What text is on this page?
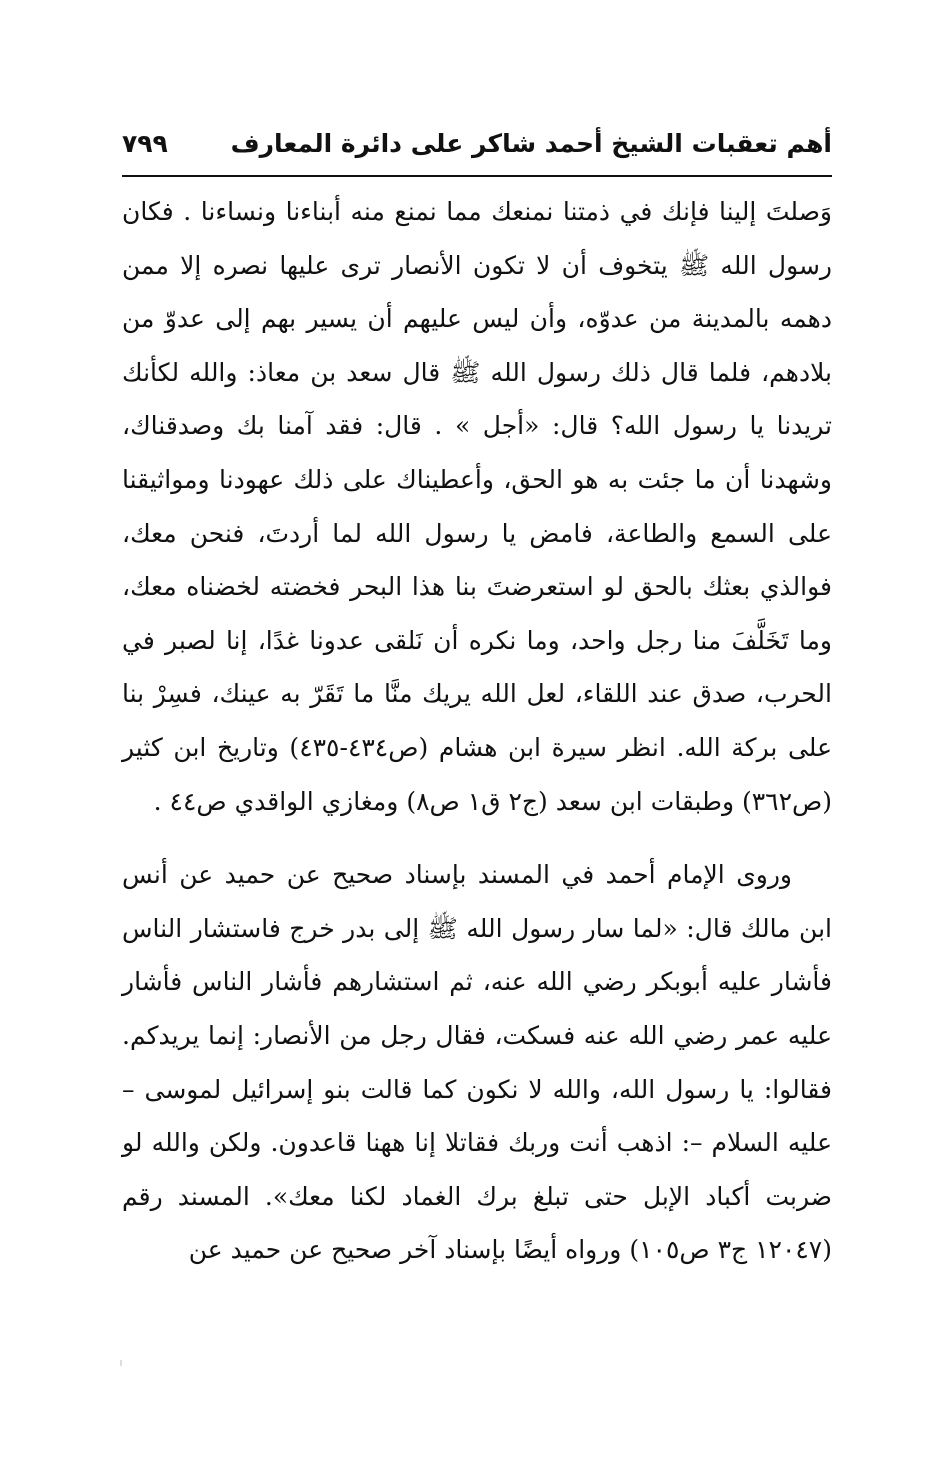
أهم تعقبات الشيخ أحمد شاكر على دائرة المعارف
٧٩٩

وَصلتَ إلينا فإنك في ذمتنا نمنعك مما نمنع منه أبناءنا ونساءنا . فكان رسول الله ﷺ يتخوف أن لا تكون الأنصار ترى عليها نصره إلا ممن دهمه بالمدينة من عدوّه، وأن ليس عليهم أن يسير بهم إلى عدوّ من بلادهم، فلما قال ذلك رسول الله ﷺ قال سعد بن معاذ: والله لكأنك تريدنا يا رسول الله؟ قال: «أجل » . قال: فقد آمنا بك وصدقناك، وشهدنا أن ما جئت به هو الحق، وأعطيناك على ذلك عهودنا ومواثيقنا على السمع والطاعة، فامض يا رسول الله لما أردتَ، فنحن معك، فوالذي بعثك بالحق لو استعرضتَ بنا هذا البحر فخضته لخضناه معك، وما تَخَلَّفَ منا رجل واحد، وما نكره أن نَلقى عدونا غدًا، إنا لصبر في الحرب، صدق عند اللقاء، لعل الله يريك منَّا ما تَقَرّ به عينك، فسِرْ بنا على بركة الله. انظر سيرة ابن هشام (ص٤٣٤-٤٣٥) وتاريخ ابن كثير (ص٣٦٢) وطبقات ابن سعد (ج٢ ق١ ص٨) ومغازي الواقدي ص٤٤ .

وروى الإمام أحمد في المسند بإسناد صحيح عن حميد عن أنس ابن مالك قال: «لما سار رسول الله ﷺ إلى بدر خرج فاستشار الناس فأشار عليه أبوبكر رضي الله عنه، ثم استشارهم فأشار الناس فأشار عليه عمر رضي الله عنه فسكت، فقال رجل من الأنصار: إنما يريدكم. فقالوا: يا رسول الله، والله لا نكون كما قالت بنو إسرائيل لموسى – عليه السلام –: اذهب أنت وربك فقاتلا إنا ههنا قاعدون. ولكن والله لو ضربت أكباد الإبل حتى تبلغ برك الغماد لكنا معك». المسند رقم (١٢٠٤٧ ج٣ ص١٠٥) ورواه أيضًا بإسناد آخر صحيح عن حميد عن
